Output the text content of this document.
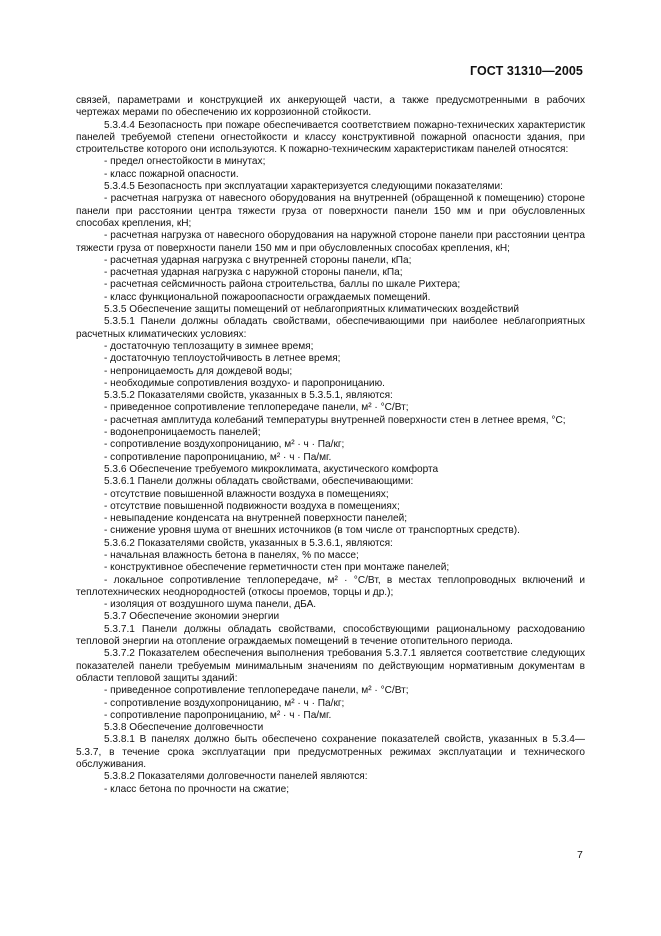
ГОСТ 31310—2005

связей, параметрами и конструкцией их анкерующей части, а также предусмотренными в рабочих чертежах мерами по обеспечению их коррозионной стойкости.

5.3.4.4 Безопасность при пожаре обеспечивается соответствием пожарно-технических характеристик панелей требуемой степени огнестойкости и классу конструктивной пожарной опасности здания, при строительстве которого они используются. К пожарно-техническим характеристикам панелей относятся:

- предел огнестойкости в минутах;

- класс пожарной опасности.

5.3.4.5 Безопасность при эксплуатации характеризуется следующими показателями:

- расчетная нагрузка от навесного оборудования на внутренней (обращенной к помещению) стороне панели при расстоянии центра тяжести груза от поверхности панели 150 мм и при обусловленных способах крепления, кН;

- расчетная нагрузка от навесного оборудования на наружной стороне панели при расстоянии центра тяжести груза от поверхности панели 150 мм и при обусловленных способах крепления, кН;

- расчетная ударная нагрузка с внутренней стороны панели, кПа;

- расчетная ударная нагрузка с наружной стороны панели, кПа;

- расчетная сейсмичность района строительства, баллы по шкале Рихтера;

- класс функциональной пожароопасности ограждаемых помещений.

5.3.5 Обеспечение защиты помещений от неблагоприятных климатических воздействий

5.3.5.1 Панели должны обладать свойствами, обеспечивающими при наиболее неблагоприятных расчетных климатических условиях:

- достаточную теплозащиту в зимнее время;

- достаточную теплоустойчивость в летнее время;

- непроницаемость для дождевой воды;

- необходимые сопротивления воздухо- и паропроницанию.

5.3.5.2 Показателями свойств, указанных в 5.3.5.1, являются:

- приведенное сопротивление теплопередаче панели, м² · °С/Вт;

- расчетная амплитуда колебаний температуры внутренней поверхности стен в летнее время, °С;

- водонепроницаемость панелей;

- сопротивление воздухопроницанию, м² · ч · Па/кг;

- сопротивление паропроницанию, м² · ч · Па/мг.

5.3.6 Обеспечение требуемого микроклимата, акустического комфорта

5.3.6.1 Панели должны обладать свойствами, обеспечивающими:

- отсутствие повышенной влажности воздуха в помещениях;

- отсутствие повышенной подвижности воздуха в помещениях;

- невыпадение конденсата на внутренней поверхности панелей;

- снижение уровня шума от внешних источников (в том числе от транспортных средств).

5.3.6.2 Показателями свойств, указанных в 5.3.6.1, являются:

- начальная влажность бетона в панелях, % по массе;

- конструктивное обеспечение герметичности стен при монтаже панелей;

- локальное сопротивление теплопередаче, м² · °С/Вт, в местах теплопроводных включений и теплотехнических неоднородностей (откосы проемов, торцы и др.);

- изоляция от воздушного шума панели, дБА.

5.3.7 Обеспечение экономии энергии

5.3.7.1 Панели должны обладать свойствами, способствующими рациональному расходованию тепловой энергии на отопление ограждаемых помещений в течение отопительного периода.

5.3.7.2 Показателем обеспечения выполнения требования 5.3.7.1 является соответствие следующих показателей панели требуемым минимальным значениям по действующим нормативным документам в области тепловой защиты зданий:

- приведенное сопротивление теплопередаче панели, м² · °С/Вт;

- сопротивление воздухопроницанию, м² · ч · Па/кг;

- сопротивление паропроницанию, м² · ч · Па/мг.

5.3.8 Обеспечение долговечности

5.3.8.1 В панелях должно быть обеспечено сохранение показателей свойств, указанных в 5.3.4—5.3.7, в течение срока эксплуатации при предусмотренных режимах эксплуатации и технического обслуживания.

5.3.8.2 Показателями долговечности панелей являются:

- класс бетона по прочности на сжатие;

7
